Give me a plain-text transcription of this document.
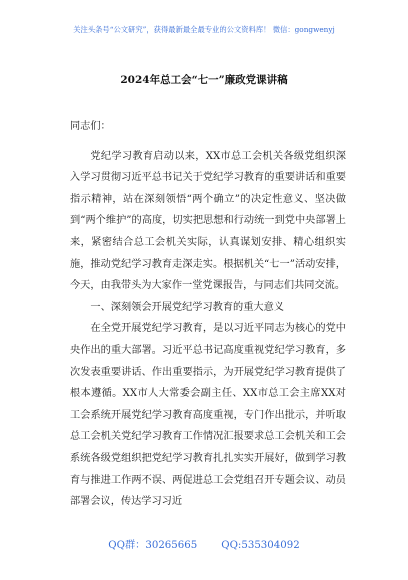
关注头条号“公文研究”，获得最新最全最专业的公文资料库！ 微信：gongwenyj
2024年总工会“七一”廉政党课讲稿

同志们：

党纪学习教育启动以来，XX市总工会机关各级党组织深入学习贯彻习近平总书记关于党纪学习教育的重要讲话和重要指示精神，站在深刻领悟“两个确立”的决定性意义、坚决做到“两个维护”的高度，切实把思想和行动统一到党中央部署上来，紧密结合总工会机关实际，认真谋划安排、精心组织实施，推动党纪学习教育走深走实。根据机关“七一”活动安排，今天，由我带头为大家作一堂党课报告，与同志们共同交流。

一、深刻领会开展党纪学习教育的重大意义

在全党开展党纪学习教育，是以习近平同志为核心的党中央作出的重大部署。习近平总书记高度重视党纪学习教育，多次发表重要讲话、作出重要指示，为开展党纪学习教育提供了根本遵循。XX市人大常委会副主任、XX市总工会主席XX对工会系统开展党纪学习教育高度重视，专门作出批示，并听取总工会机关党纪学习教育工作情况汇报要求总工会机关和工会系统各级党组织把党纪学习教育扎扎实实开展好，做到学习教育与推进工作两不误、两促进总工会党组召开专题会议、动员部署会议，传达学习习近

QQ群：30265665 QQ:535304092
